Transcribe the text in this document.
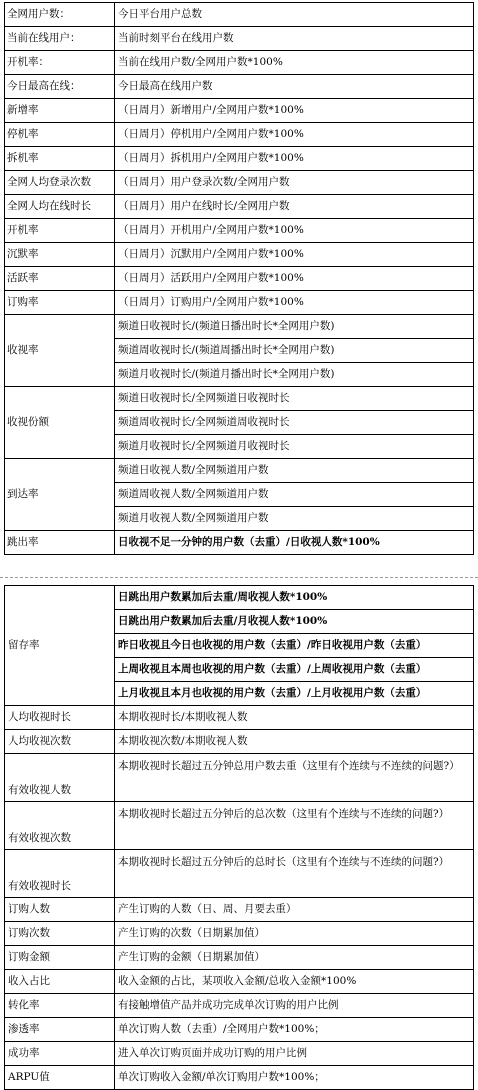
全网用户数：	今日平台用户总数
当前在线用户：	当前时刻平台在线用户数
开机率：	当前在线用户数/全网用户数*100%
今日最高在线：	今日最高在线用户数
新增率	（日周月）新增用户/全网用户数*100%
停机率	（日周月）停机用户/全网用户数*100%
拆机率	（日周月）拆机用户/全网用户数*100%
全网人均登录次数	（日周月）用户登录次数/全网用户数
全网人均在线时长	（日周月）用户在线时长/全网用户数
开机率	（日周月）开机用户/全网用户数*100%
沉默率	（日周月）沉默用户/全网用户数*100%
活跃率	（日周月）活跃用户/全网用户数*100%
订购率	（日周月）订购用户/全网用户数*100%
收视率	频道日收视时长/(频道日播出时长*全网用户数)
	频道周收视时长/(频道周播出时长*全网用户数)
	频道月收视时长/(频道月播出时长*全网用户数)
收视份额	频道日收视时长/全网频道日收视时长
	频道周收视时长/全网频道周收视时长
	频道月收视时长/全网频道月收视时长
到达率	频道日收视人数/全网频道用户数
	频道周收视人数/全网频道用户数
	频道月收视人数/全网频道用户数
跳出率	日收视不足一分钟的用户数（去重）/日收视人数*100%
留存率	日跳出用户数累加后去重/周收视人数*100%
	日跳出用户数累加后去重/月收视人数*100%
	昨日收视且今日也收视的用户数（去重）/昨日收视用户数（去重）
	上周收视且本周也收视的用户数（去重）/上周收视用户数（去重）
	上月收视且本月也收视的用户数（去重）/上月收视用户数（去重）
人均收视时长	本期收视时长/本期收视人数
人均收视次数	本期收视次数/本期收视人数
有效收视人数	本期收视时长超过五分钟总用户数去重（这里有个连续与不连续的问题?）
有效收视次数	本期收视时长超过五分钟后的总次数（这里有个连续与不连续的问题?）
有效收视时长	本期收视时长超过五分钟后的总时长（这里有个连续与不连续的问题?）
订购人数	产生订购的人数（日、周、月要去重）
订购次数	产生订购的次数（日期累加值）
订购金额	产生订购的金额（日期累加值）
收入占比	收入金额的占比，某项收入金额/总收入金额*100%
转化率	有接触增值产品并成功完成单次订购的用户比例
渗透率	单次订购人数（去重）/全网用户数*100%；
成功率	进入单次订购页面并成功订购的用户比例
ARPU值	单次订购收入金额/单次订购用户数*100%；
